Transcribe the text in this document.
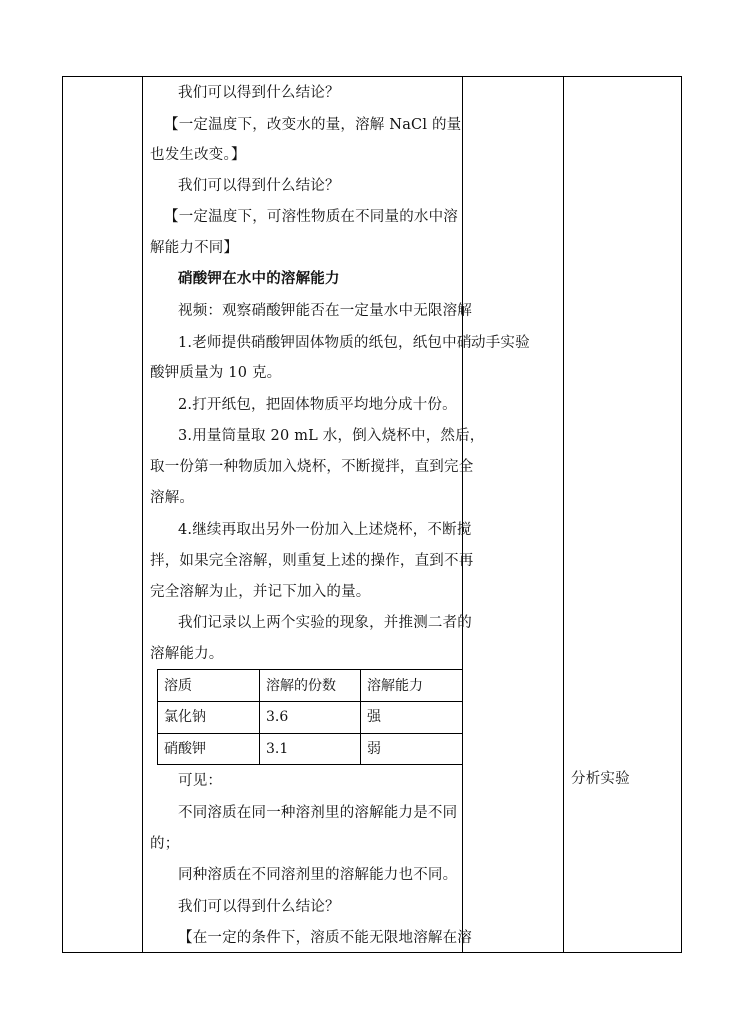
我们可以得到什么结论？
【一定温度下，改变水的量，溶解 NaCl 的量
也发生改变。】
我们可以得到什么结论？
【一定温度下，可溶性物质在不同量的水中溶
解能力不同】
硝酸钾在水中的溶解能力
视频：观察硝酸钾能否在一定量水中无限溶解
1.老师提供硝酸钾固体物质的纸包，纸包中硝
酸钾质量为 10 克。
2.打开纸包，把固体物质平均地分成十份。
3.用量筒量取 20 mL 水，倒入烧杯中，然后，
取一份第一种物质加入烧杯，不断搅拌，直到完全
溶解。
4.继续再取出另外一份加入上述烧杯，不断搅
拌，如果完全溶解，则重复上述的操作，直到不再
完全溶解为止，并记下加入的量。
我们记录以上两个实验的现象，并推测二者的
溶解能力。
溶质	溶解的份数 溶解能力
氯化钠	3.6	强
硝酸钾	3.1	弱
可见：
不同溶质在同一种溶剂里的溶解能力是不同
的；
同种溶质在不同溶剂里的溶解能力也不同。
我们可以得到什么结论？
【在一定的条件下，溶质不能无限地溶解在溶
动手实验
分析实验
